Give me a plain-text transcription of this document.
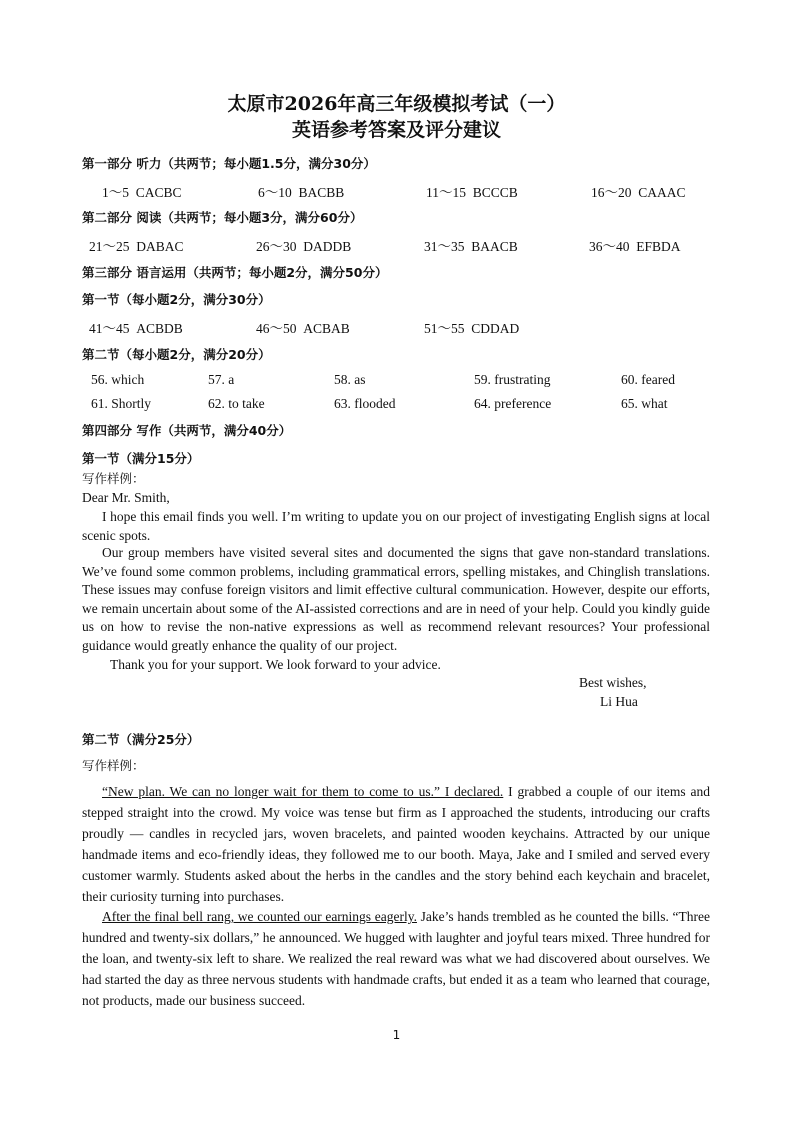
太原市2026年高三年级模拟考试（一）
英语参考答案及评分建议
第一部分 听力（共两节；每小题1.5分，满分30分）
1～5 CACBC	6～10 BACBB	11～15 BCCCB	16～20 CAAAC
第二部分 阅读（共两节；每小题3分，满分60分）
21～25 DABAC	26～30 DADDB	31～35 BAACB	36～40 EFBDA
第三部分 语言运用（共两节；每小题2分，满分50分）
第一节（每小题2分，满分30分）
41～45 ACBDB	46～50 ACBAB	51～55 CDDAD
第二节（每小题2分，满分20分）
56. which	57. a	58. as	59. frustrating	60. feared
61. Shortly	62. to take	63. flooded	64. preference	65. what
第四部分 写作（共两节，满分40分）
第一节（满分15分）
写作样例：

Dear Mr. Smith,

I hope this email finds you well. I’m writing to update you on our project of investigating English signs at local scenic spots.

Our group members have visited several sites and documented the signs that gave non-standard translations. We’ve found some common problems, including grammatical errors, spelling mistakes, and Chinglish translations. These issues may confuse foreign visitors and limit effective cultural communication. However, despite our efforts, we remain uncertain about some of the AI-assisted corrections and are in need of your help. Could you kindly guide us on how to revise the non-native expressions as well as recommend relevant resources? Your professional guidance would greatly enhance the quality of our project.

Thank you for your support. We look forward to your advice.

Best wishes,
Li Hua
第二节（满分25分）
写作样例：

“New plan. We can no longer wait for them to come to us.” I declared. I grabbed a couple of our items and stepped straight into the crowd. My voice was tense but firm as I approached the students, introducing our crafts proudly — candles in recycled jars, woven bracelets, and painted wooden keychains. Attracted by our unique handmade items and eco-friendly ideas, they followed me to our booth. Maya, Jake and I smiled and served every customer warmly. Students asked about the herbs in the candles and the story behind each keychain and bracelet, their curiosity turning into purchases.

After the final bell rang, we counted our earnings eagerly. Jake’s hands trembled as he counted the bills. “Three hundred and twenty-six dollars,” he announced. We hugged with laughter and joyful tears mixed. Three hundred for the loan, and twenty-six left to share. We realized the real reward was what we had discovered about ourselves. We had started the day as three nervous students with handmade crafts, but ended it as a team who learned that courage, not products, made our business succeed.

1
